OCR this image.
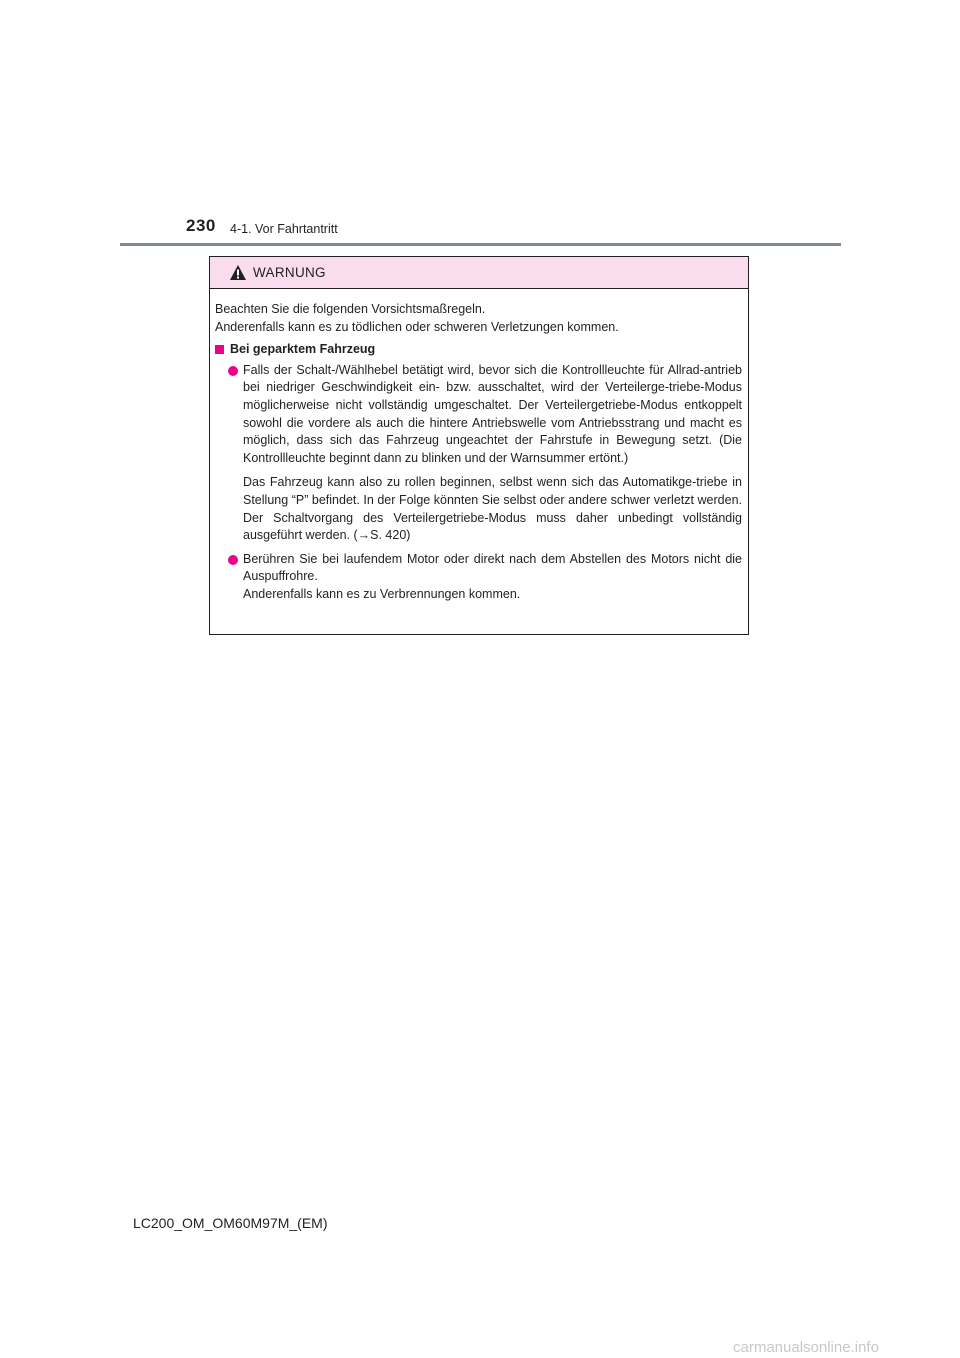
230 4-1. Vor Fahrtantritt
WARNUNG

Beachten Sie die folgenden Vorsichtsmaßregeln.

Anderenfalls kann es zu tödlichen oder schweren Verletzungen kommen.

Bei geparktem Fahrzeug

Falls der Schalt-/Wählhebel betätigt wird, bevor sich die Kontrollleuchte für Allrad-antrieb bei niedriger Geschwindigkeit ein- bzw. ausschaltet, wird der Verteilerge-triebe-Modus möglicherweise nicht vollständig umgeschaltet. Der Verteilergetriebe-Modus entkoppelt sowohl die vordere als auch die hintere Antriebswelle vom Antriebsstrang und macht es möglich, dass sich das Fahrzeug ungeachtet der Fahrstufe in Bewegung setzt. (Die Kontrollleuchte beginnt dann zu blinken und der Warnsummer ertönt.)

Das Fahrzeug kann also zu rollen beginnen, selbst wenn sich das Automatikge-triebe in Stellung “P” befindet. In der Folge könnten Sie selbst oder andere schwer verletzt werden. Der Schaltvorgang des Verteilergetriebe-Modus muss daher unbedingt vollständig ausgeführt werden. (→S. 420)

Berühren Sie bei laufendem Motor oder direkt nach dem Abstellen des Motors nicht die Auspuffrohre.

Anderenfalls kann es zu Verbrennungen kommen.

LC200_OM_OM60M97M_(EM)
carmanualsonline.info
